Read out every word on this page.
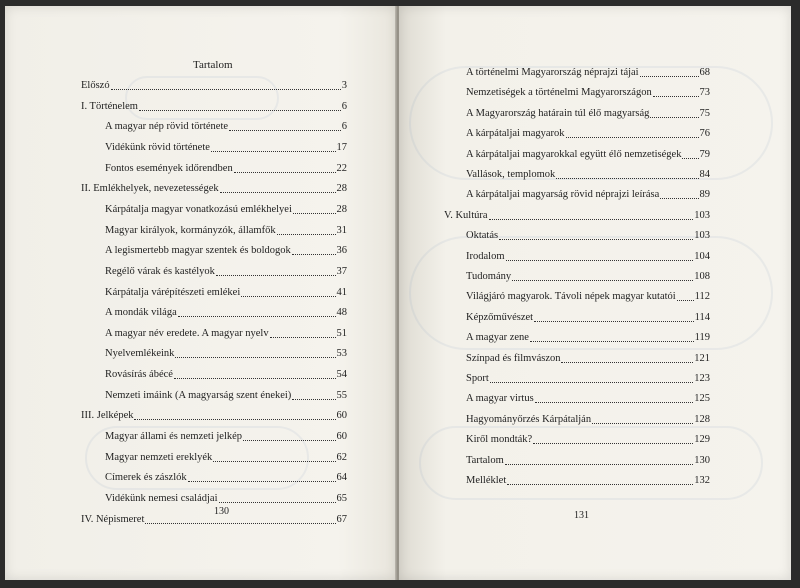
Tartalom
Előszó	3
I. Történelem	6
A magyar nép rövid története	6
Vidékünk rövid története	17
Fontos események időrendben	22
II. Emlékhelyek, nevezetességek	28
Kárpátalja magyar vonatkozású emlékhelyei	28
Magyar királyok, kormányzók, államfők	31
A legismertebb magyar szentek és boldogok	36
Regélő várak és kastélyok	37
Kárpátalja várépítészeti emlékei	41
A mondák világa	48
A magyar név eredete. A magyar nyelv	51
Nyelvemlékeink	53
Rovásírás ábécé	54
Nemzeti imáink (A magyarság szent énekei)	55
III. Jelképek	60
Magyar állami és nemzeti jelkép	60
Magyar nemzeti ereklyék	62
Címerek és zászlók	64
Vidékünk nemesi családjai	65
IV. Népismeret	67
A történelmi Magyarország néprajzi tájai	68
Nemzetiségek a történelmi Magyarországon	73
A Magyarország határain túl élő magyarság	75
A kárpátaljai magyarok	76
A kárpátaljai magyarokkal együtt élő nemzetiségek 79
Vallások, templomok	84
A kárpátaljai magyarság rövid néprajzi leírása	89
V. Kultúra	103
Oktatás	103
Irodalom	104
Tudomány	108
Világjáró magyarok. Távoli népek magyar kutatói 112
Képzőművészet	114
A magyar zene	119
Színpad és filmvászon	121
Sport	123
A magyar virtus	125
Hagyományőrzés Kárpátalján	128
Kiről mondták?	129
Tartalom	130
Melléklet	132
130	131
